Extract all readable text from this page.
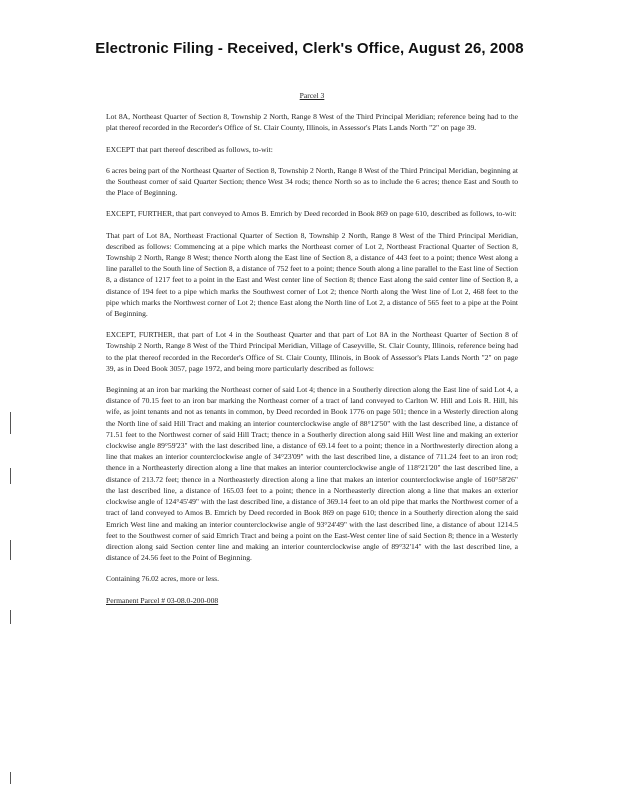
Electronic Filing - Received, Clerk's Office, August 26, 2008

Parcel 3

Lot 8A, Northeast Quarter of Section 8, Township 2 North, Range 8 West of the Third Principal Meridian; reference being had to the plat thereof recorded in the Recorder's Office of St. Clair County, Illinois, in Assessor's Plats Lands North "2" on page 39.

EXCEPT that part thereof described as follows, to-wit:

6 acres being part of the Northeast Quarter of Section 8, Township 2 North, Range 8 West of the Third Principal Meridian, beginning at the Southeast corner of said Quarter Section; thence West 34 rods; thence North so as to include the 6 acres; thence East and South to the Place of Beginning.

EXCEPT, FURTHER, that part conveyed to Amos B. Emrich by Deed recorded in Book 869 on page 610, described as follows, to-wit:

That part of Lot 8A, Northeast Fractional Quarter of Section 8, Township 2 North, Range 8 West of the Third Principal Meridian, described as follows: Commencing at a pipe which marks the Northeast corner of Lot 2, Northeast Fractional Quarter of Section 8, Township 2 North, Range 8 West; thence North along the East line of Section 8, a distance of 443 feet to a point; thence West along a line parallel to the South line of Section 8, a distance of 752 feet to a point; thence South along a line parallel to the East line of Section 8, a distance of 1217 feet to a point in the East and West center line of Section 8; thence East along the said center line of Section 8, a distance of 194 feet to a pipe which marks the Southwest corner of Lot 2; thence North along the West line of Lot 2, 468 feet to the pipe which marks the Northwest corner of Lot 2; thence East along the North line of Lot 2, a distance of 565 feet to a pipe at the Point of Beginning.

EXCEPT, FURTHER, that part of Lot 4 in the Southeast Quarter and that part of Lot 8A in the Northeast Quarter of Section 8 of Township 2 North, Range 8 West of the Third Principal Meridian, Village of Caseyville, St. Clair County, Illinois, reference being had to the plat thereof recorded in the Recorder's Office of St. Clair County, Illinois, in Book of Assessor's Plats Lands North "2" on page 39, as in Deed Book 3057, page 1972, and being more particularly described as follows:

Beginning at an iron bar marking the Northeast corner of said Lot 4; thence in a Southerly direction along the East line of said Lot 4, a distance of 70.15 feet to an iron bar marking the Northeast corner of a tract of land conveyed to Carlton W. Hill and Lois R. Hill, his wife, as joint tenants and not as tenants in common, by Deed recorded in Book 1776 on page 501; thence in a Westerly direction along the North line of said Hill Tract and making an interior counterclockwise angle of 88°12'50" with the last described line, a distance of 71.51 feet to the Northwest corner of said Hill Tract; thence in a Southerly direction along said Hill West line and making an exterior clockwise angle 89°59'23" with the last described line, a distance of 69.14 feet to a point; thence in a Northwesterly direction along a line that makes an interior counterclockwise angle of 34°23'09" with the last described line, a distance of 711.24 feet to an iron rod; thence in a Northeasterly direction along a line that makes an interior counterclockwise angle of 118°21'20" the last described line, a distance of 213.72 feet; thence in a Northeasterly direction along a line that makes an interior counterclockwise angle of 160°58'26" the last described line, a distance of 165.03 feet to a point; thence in a Northeasterly direction along a line that makes an exterior clockwise angle of 124°45'49" with the last described line, a distance of 369.14 feet to an old pipe that marks the Northwest corner of a tract of land conveyed to Amos B. Emrich by Deed recorded in Book 869 on page 610; thence in a Southerly direction along the said Emrich West line and making an interior counterclockwise angle of 93°24'49" with the last described line, a distance of about 1214.5 feet to the Southwest corner of said Emrich Tract and being a point on the East-West center line of said Section 8; thence in a Westerly direction along said Section center line and making an interior counterclockwise angle of 89°32'14" with the last described line, a distance of 24.56 feet to the Point of Beginning.

Containing 76.02 acres, more or less.

Permanent Parcel # 03-08.0-200-008
